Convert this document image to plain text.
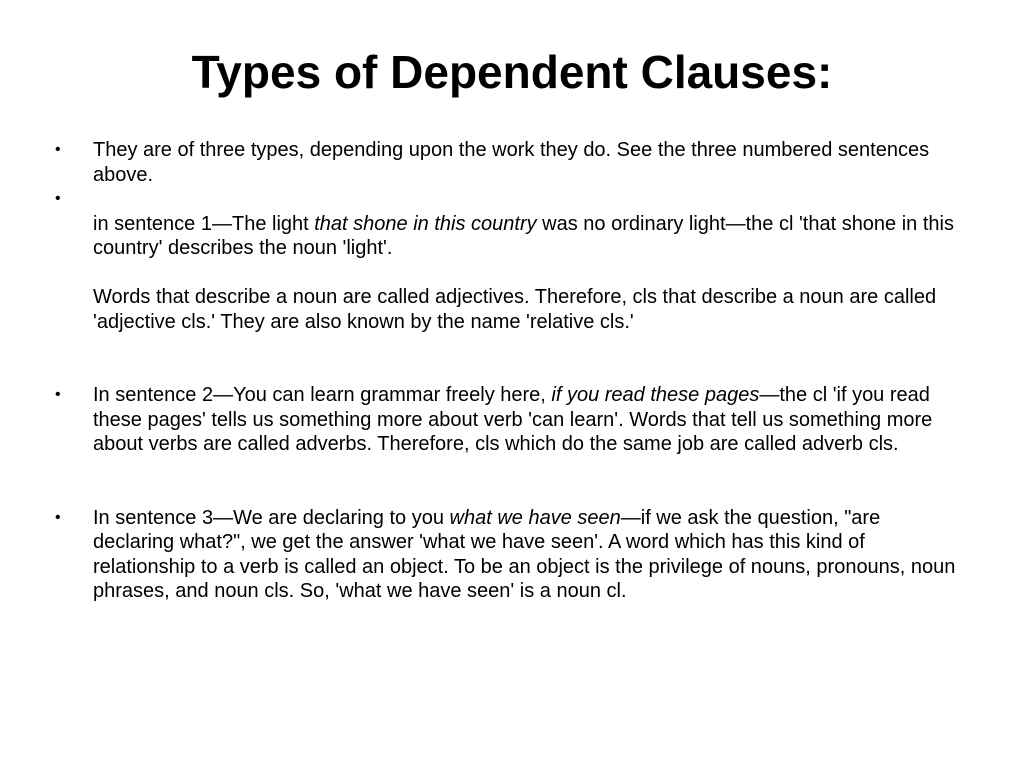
Types of Dependent Clauses:
•	They are of three types, depending upon the work they do. See the three numbered sentences above.
•

in sentence 1—The light that shone in this country was no ordinary light—the cl 'that shone in this country' describes the noun 'light'.

Words that describe a noun are called adjectives. Therefore, cls that describe a noun are called 'adjective cls.' They are also known by the name 'relative cls.'

•	In sentence 2—You can learn grammar freely here, if you read these pages—the cl 'if you read these pages' tells us something more about verb 'can learn'. Words that tell us something more about verbs are called adverbs. Therefore, cls which do the same job are called adverb cls.
•	In sentence 3—We are declaring to you what we have seen—if we ask the question, "are declaring what?", we get the answer 'what we have seen'. A word which has this kind of relationship to a verb is called an object. To be an object is the privilege of nouns, pronouns, noun phrases, and noun cls. So, 'what we have seen' is a noun cl.
